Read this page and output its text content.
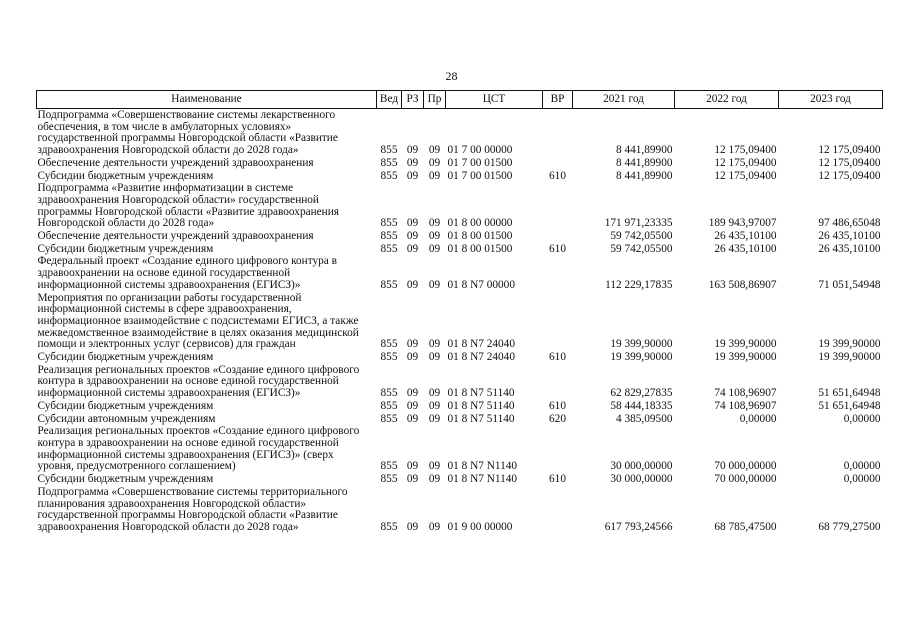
28
Наименование	Вед	РЗ	Пр	ЦСТ	ВР	2021 год	2022 год	2023 год
Подпрограмма «Совершенствование системы лекарственного обеспечения, в том числе в амбулаторных условиях» государственной программы Новгородской области «Развитие здравоохранения Новгородской области до 2028 года»	855	09	09	01 7 00 00000		8 441,89900	12 175,09400	12 175,09400
Обеспечение деятельности учреждений здравоохранения	855	09	09	01 7 00 01500		8 441,89900	12 175,09400	12 175,09400
Субсидии бюджетным учреждениям	855	09	09	01 7 00 01500	610	8 441,89900	12 175,09400	12 175,09400
Подпрограмма «Развитие информатизации в системе здравоохранения Новгородской области» государственной программы Новгородской области «Развитие здравоохранения Новгородской области до 2028 года»	855	09	09	01 8 00 00000		171 971,23335	189 943,97007	97 486,65048
Обеспечение деятельности учреждений здравоохранения	855	09	09	01 8 00 01500		59 742,05500	26 435,10100	26 435,10100
Субсидии бюджетным учреждениям	855	09	09	01 8 00 01500	610	59 742,05500	26 435,10100	26 435,10100
Федеральный проект «Создание единого цифрового контура в здравоохранении на основе единой государственной информационной системы здравоохранения (ЕГИСЗ)»	855	09	09	01 8 N7 00000		112 229,17835	163 508,86907	71 051,54948
Мероприятия по организации работы государственной информационной системы в сфере здравоохранения, информационное взаимодействие с подсистемами ЕГИСЗ, а также межведомственное взаимодействие в целях оказания медицинской помощи и электронных услуг (сервисов) для граждан	855	09	09	01 8 N7 24040		19 399,90000	19 399,90000	19 399,90000
Субсидии бюджетным учреждениям	855	09	09	01 8 N7 24040	610	19 399,90000	19 399,90000	19 399,90000
Реализация региональных проектов «Создание единого цифрового контура в здравоохранении на основе единой государственной информационной системы здравоохранения (ЕГИСЗ)»	855	09	09	01 8 N7 51140		62 829,27835	74 108,96907	51 651,64948
Субсидии бюджетным учреждениям	855	09	09	01 8 N7 51140	610	58 444,18335	74 108,96907	51 651,64948
Субсидии автономным учреждениям	855	09	09	01 8 N7 51140	620	4 385,09500	0,00000	0,00000
Реализация региональных проектов «Создание единого цифрового контура в здравоохранении на основе единой государственной информационной системы здравоохранения (ЕГИСЗ)» (сверх уровня, предусмотренного соглашением)	855	09	09	01 8 N7 N1140		30 000,00000	70 000,00000	0,00000
Субсидии бюджетным учреждениям	855	09	09	01 8 N7 N1140	610	30 000,00000	70 000,00000	0,00000
Подпрограмма «Совершенствование системы территориального планирования здравоохранения Новгородской области» государственной программы Новгородской области «Развитие здравоохранения Новгородской области до 2028 года»	855	09	09	01 9 00 00000		617 793,24566	68 785,47500	68 779,27500
